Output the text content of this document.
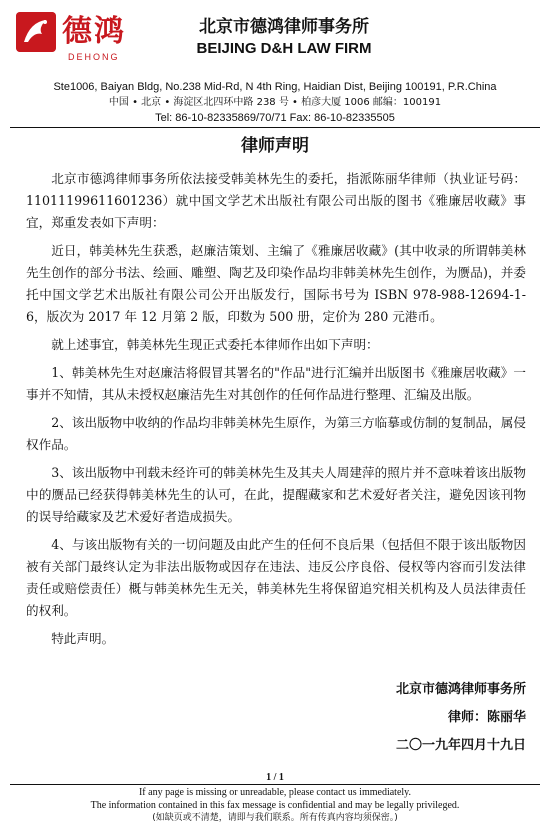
德鸿
DEHONG
北京市德鸿律师事务所
BEIJING D&H LAW FIRM
Ste1006, Baiyan Bldg, No.238 Mid-Rd, N 4th Ring, Haidian Dist, Beijing 100191, P.R.China
中国 • 北京 • 海淀区北四环中路 238 号 • 柏彦大厦 1006 邮编：100191
Tel: 86-10-82335869/70/71 Fax: 86-10-82335505
律师声明

北京市德鸿律师事务所依法接受韩美林先生的委托，指派陈丽华律师（执业证号码：11011199611601236）就中国文学艺术出版社有限公司出版的图书《雅廉居收藏》事宜，郑重发表如下声明：

近日，韩美林先生获悉，赵廉洁策划、主编了《雅廉居收藏》(其中收录的所谓韩美林先生创作的部分书法、绘画、雕塑、陶艺及印染作品均非韩美林先生创作，为赝品)，并委托中国文学艺术出版社有限公司公开出版发行，国际书号为 ISBN 978-988-12694-1-6，版次为 2017 年 12 月第 2 版，印数为 500 册，定价为 280 元港币。

就上述事宜，韩美林先生现正式委托本律师作出如下声明：

1、韩美林先生对赵廉洁将假冒其署名的"作品"进行汇编并出版图书《雅廉居收藏》一事并不知情，其从未授权赵廉洁先生对其创作的任何作品进行整理、汇编及出版。

2、该出版物中收纳的作品均非韩美林先生原作，为第三方临摹或仿制的复制品，属侵权作品。

3、该出版物中刊载未经许可的韩美林先生及其夫人周建萍的照片并不意味着该出版物中的赝品已经获得韩美林先生的认可，在此，提醒藏家和艺术爱好者关注，避免因该刊物的误导给藏家及艺术爱好者造成损失。

4、与该出版物有关的一切问题及由此产生的任何不良后果（包括但不限于该出版物因被有关部门最终认定为非法出版物或因存在违法、违反公序良俗、侵权等内容而引发法律责任或赔偿责任）概与韩美林先生无关，韩美林先生将保留追究相关机构及人员法律责任的权利。

特此声明。

北京市德鸿律师事务所
律师：陈丽华
二〇一九年四月十九日
1 / 1
If any page is missing or unreadable, please contact us immediately.
The information contained in this fax message is confidential and may be legally privileged.
(如缺页或不清楚，请即与我们联系。所有传真内容均须保密。)
